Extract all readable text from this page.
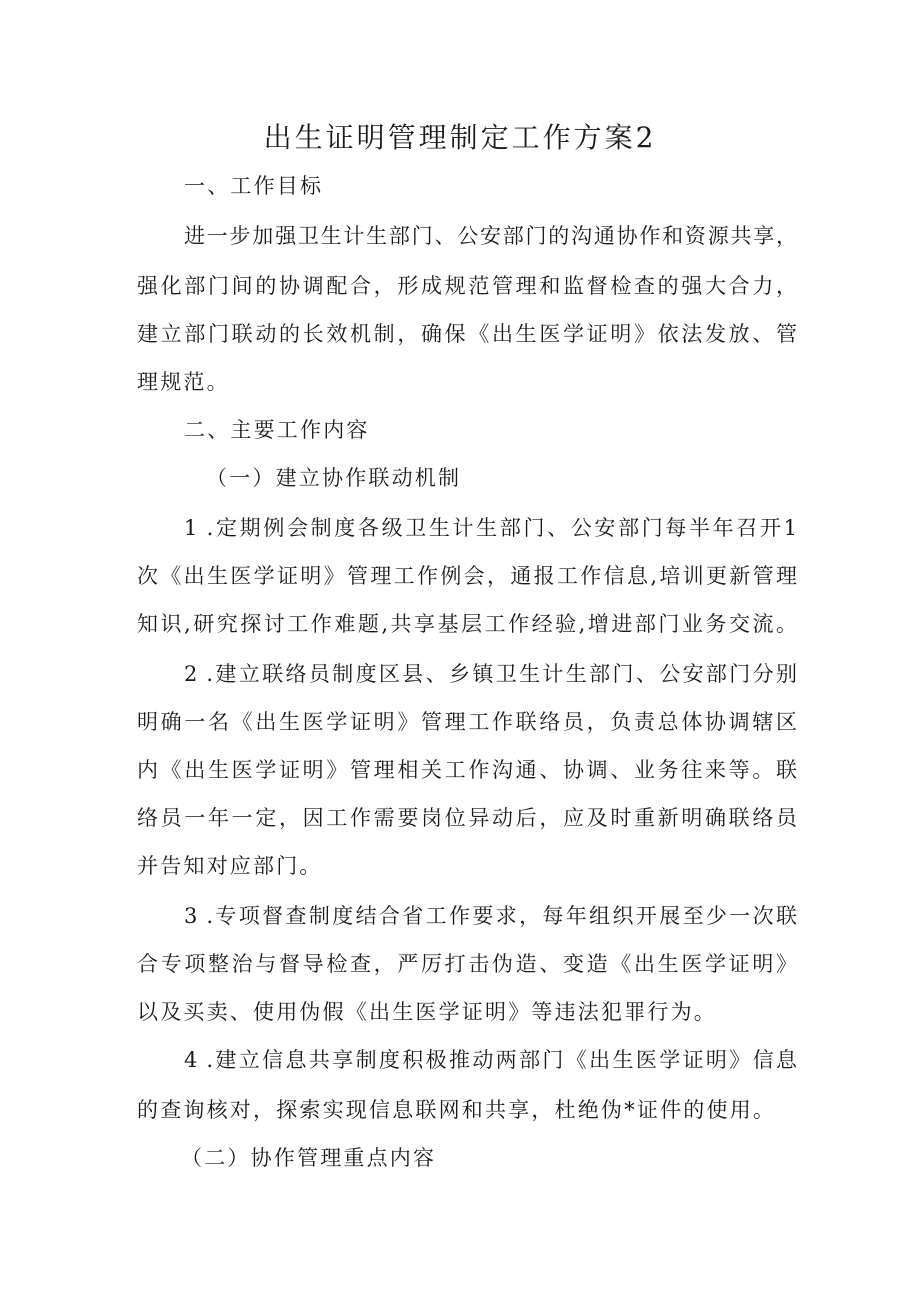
出生证明管理制定工作方案2
一、工作目标
进一步加强卫生计生部门、公安部门的沟通协作和资源共享，
强化部门间的协调配合，形成规范管理和监督检查的强大合力，
建立部门联动的长效机制，确保《出生医学证明》依法发放、管
理规范。
二、主要工作内容
（一）建立协作联动机制
1 .定期例会制度各级卫生计生部门、公安部门每半年召开1
次《出生医学证明》管理工作例会，通报工作信息,培训更新管理
知识,研究探讨工作难题,共享基层工作经验,增进部门业务交流。
2 .建立联络员制度区县、乡镇卫生计生部门、公安部门分别
明确一名《出生医学证明》管理工作联络员，负责总体协调辖区
内《出生医学证明》管理相关工作沟通、协调、业务往来等。联
络员一年一定，因工作需要岗位异动后，应及时重新明确联络员
并告知对应部门。
3 .专项督查制度结合省工作要求，每年组织开展至少一次联
合专项整治与督导检查，严厉打击伪造、变造《出生医学证明》
以及买卖、使用伪假《出生医学证明》等违法犯罪行为。
4 .建立信息共享制度积极推动两部门《出生医学证明》信息
的查询核对，探索实现信息联网和共享，杜绝伪*证件的使用。
（二）协作管理重点内容
